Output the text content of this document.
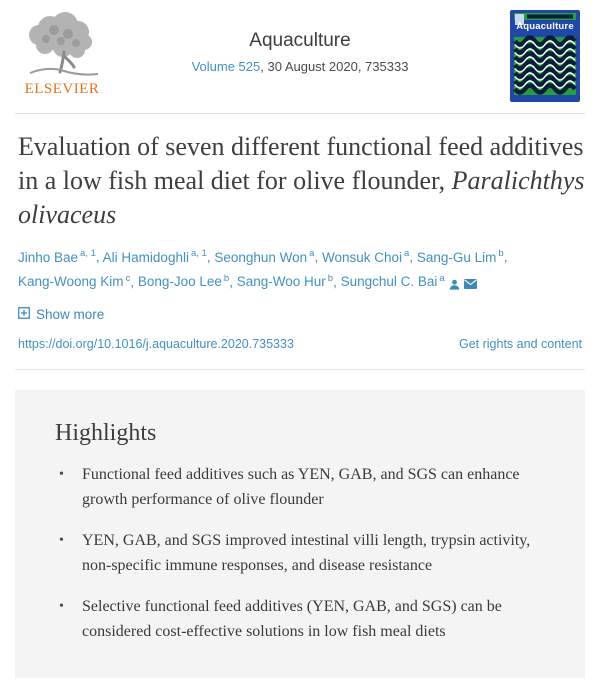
ELSEVIER
Aquaculture
Volume 525, 30 August 2020, 735333
Aquaculture
Evaluation of seven different functional feed additives in a low fish meal diet for olive flounder, Paralichthys olivaceus
Jinho Bae $^{a, 1}$, Ali Hamidoghli $^{a, 1}$, Seonghun Won $^a$, Wonsuk Choi $^a$, Sang-Gu Lim $^b$, Kang-Woong Kim $^c$, Bong-Joo Lee $^b$, Sang-Woo Hur $^b$, Sungchul C. Bai $^a$
Show more
https://doi.org/10.1016/j.aquaculture.2020.735333	Get rights and content
Highlights
• Functional feed additives such as YEN, GAB, and SGS can enhance growth performance of olive flounder
• YEN, GAB, and SGS improved intestinal villi length, trypsin activity, non-specific immune responses, and disease resistance
• Selective functional feed additives (YEN, GAB, and SGS) can be considered cost-effective solutions in low fish meal diets
